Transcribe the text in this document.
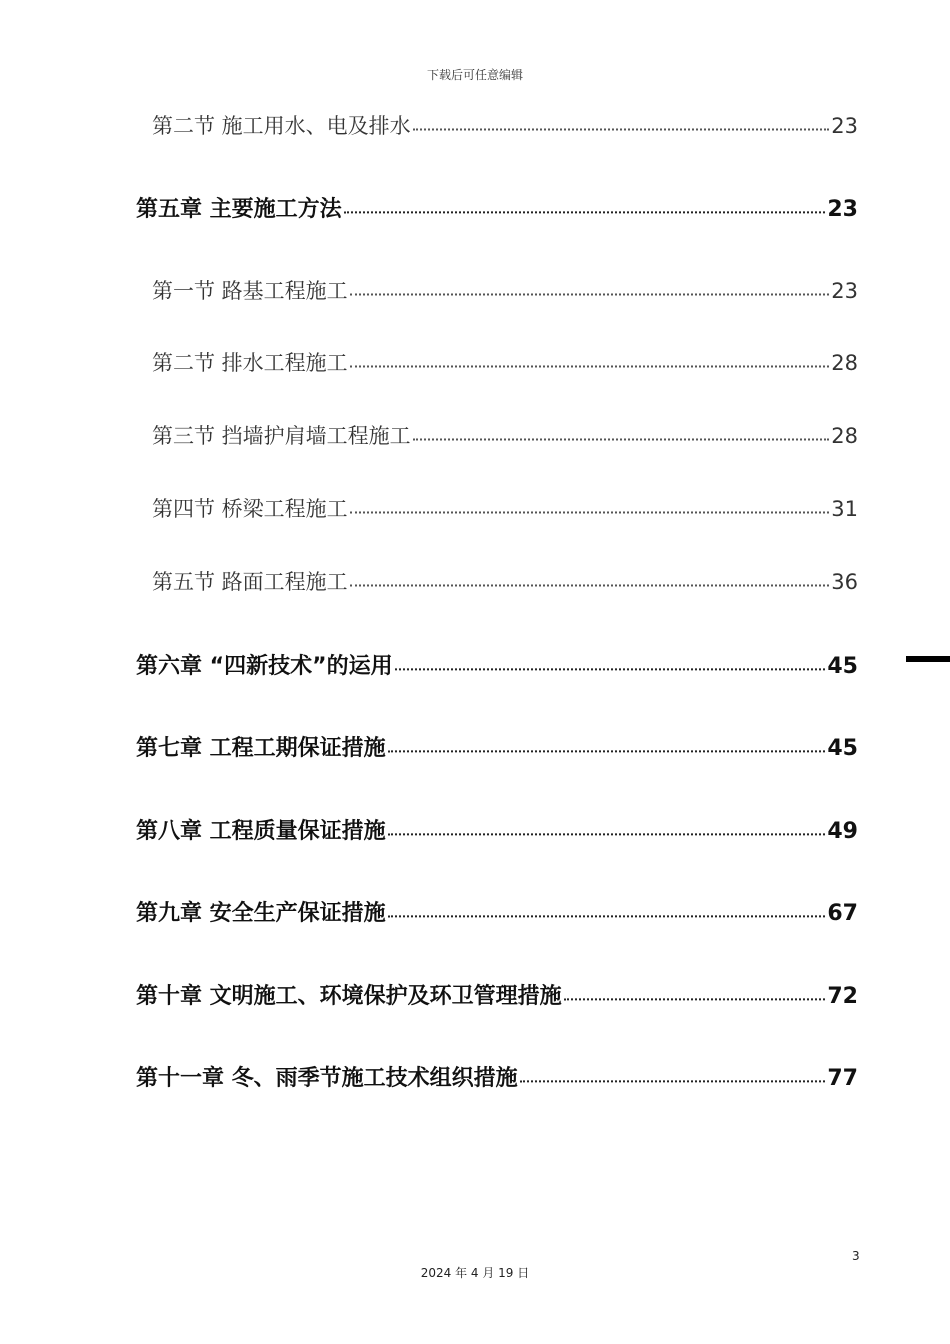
下载后可任意编辑
第二节 施工用水、电及排水	23
第五章 主要施工方法	23
第一节 路基工程施工	23
第二节 排水工程施工	28
第三节 挡墙护肩墙工程施工	28
第四节 桥梁工程施工	31
第五节 路面工程施工	36
第六章 “四新技术”的运用	45
第七章 工程工期保证措施	45
第八章 工程质量保证措施	49
第九章 安全生产保证措施	67
第十章 文明施工、环境保护及环卫管理措施	72
第十一章 冬、雨季节施工技术组织措施	77
3
2024 年 4 月 19 日
